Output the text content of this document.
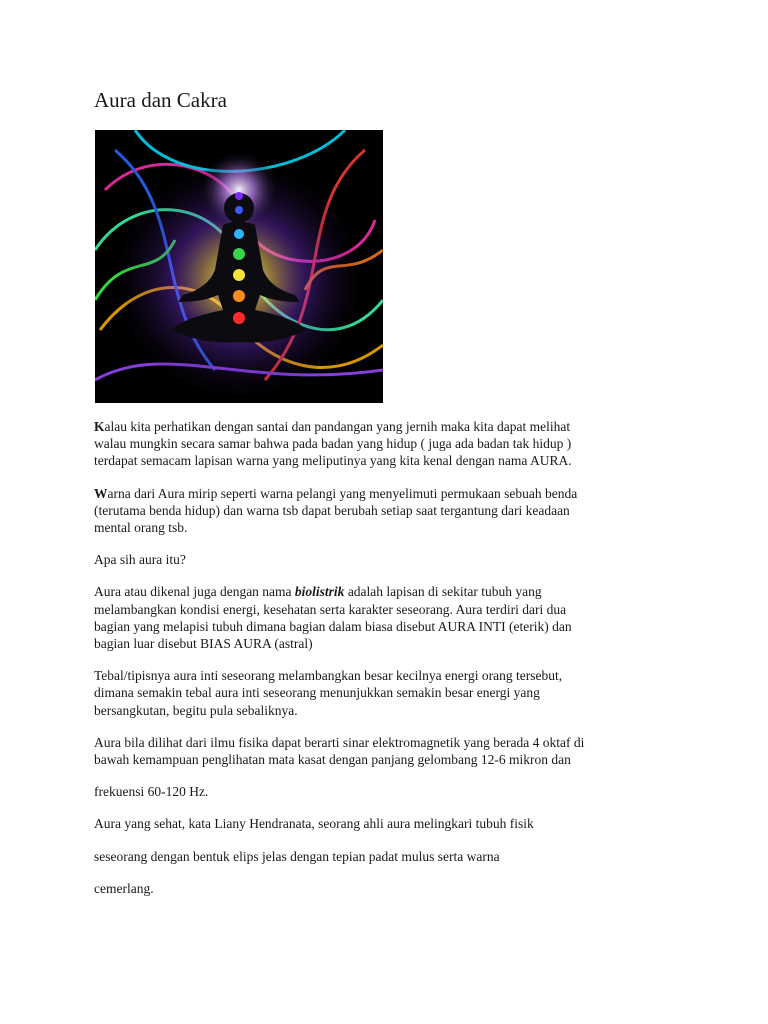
Aura dan Cakra

Kalau kita perhatikan dengan santai dan pandangan yang jernih maka kita dapat melihat
walau mungkin secara samar bahwa pada badan yang hidup ( juga ada badan tak hidup )
terdapat semacam lapisan warna yang meliputinya yang kita kenal dengan nama AURA.

Warna dari Aura mirip seperti warna pelangi yang menyelimuti permukaan sebuah benda
(terutama benda hidup) dan warna tsb dapat berubah setiap saat tergantung dari keadaan
mental orang tsb.

Apa sih aura itu?

Aura atau dikenal juga dengan nama biolistrik adalah lapisan di sekitar tubuh yang
melambangkan kondisi energi, kesehatan serta karakter seseorang. Aura terdiri dari dua
bagian yang melapisi tubuh dimana bagian dalam biasa disebut AURA INTI (eterik) dan
bagian luar disebut BIAS AURA (astral)

Tebal/tipisnya aura inti seseorang melambangkan besar kecilnya energi orang tersebut,
dimana semakin tebal aura inti seseorang menunjukkan semakin besar energi yang
bersangkutan, begitu pula sebaliknya.

Aura bila dilihat dari ilmu fisika dapat berarti sinar elektromagnetik yang berada 4 oktaf di
bawah kemampuan penglihatan mata kasat dengan panjang gelombang 12-6 mikron dan

frekuensi 60-120 Hz.

Aura yang sehat, kata Liany Hendranata, seorang ahli aura melingkari tubuh fisik

seseorang dengan bentuk elips jelas dengan tepian padat mulus serta warna

cemerlang.
